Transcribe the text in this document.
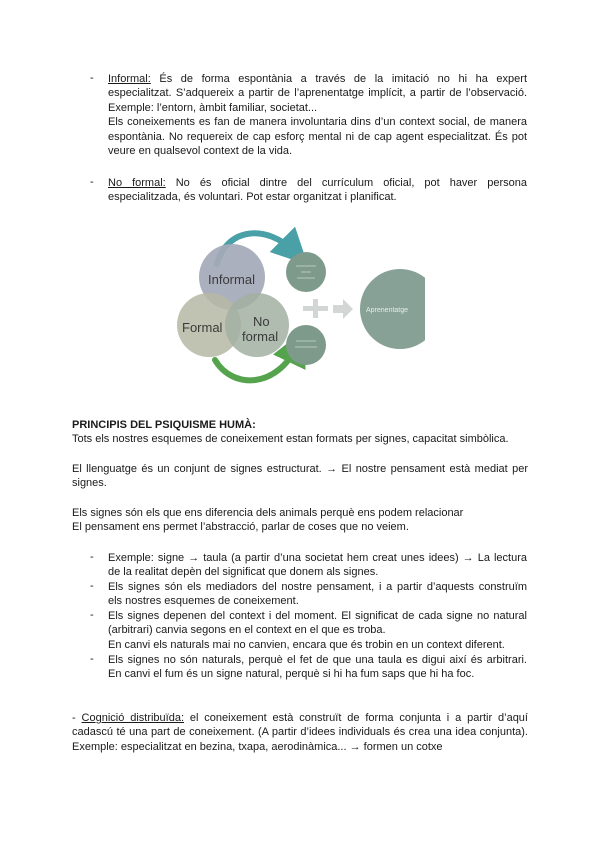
-	Informal: És de forma espontània a través de la imitació no hi ha expert
especialitzat. S’adquereix a partir de l’aprenentatge implícit, a partir de l’observació.
Exemple: l’entorn, àmbit familiar, societat...
Els coneixements es fan de manera involuntaria dins d’un context social, de manera
espontània. No requereix de cap esforç mental ni de cap agent especialitzat. És pot
veure en qualsevol context de la vida.
-	No formal: No és oficial dintre del currículum oficial, pot haver persona
especialitzada, és voluntari. Pot estar organitzat i planificat.
Informal
Formal No
formal
Aprenentatge
PRINCIPIS DEL PSIQUISME HUMÀ:
Tots els nostres esquemes de coneixement estan formats per signes, capacitat simbòlica.
El llenguatge és un conjunt de signes estructurat. → El nostre pensament està mediat per
signes.
Els signes són els que ens diferencia dels animals perquè ens podem relacionar
El pensament ens permet l’abstracció, parlar de coses que no veiem.
-	Exemple: signe → taula (a partir d’una societat hem creat unes idees) → La lectura
de la realitat depèn del significat que donem als signes.
-	Els signes són els mediadors del nostre pensament, i a partir d’aquests construïm
els nostres esquemes de coneixement.
-	Els signes depenen del context i del moment. El significat de cada signe no natural
(arbitrari) canvia segons en el context en el que es troba.
En canvi els naturals mai no canvien, encara que és trobin en un context diferent.
-	Els signes no són naturals, perquè el fet de que una taula es digui així és arbitrari.
En canvi el fum és un signe natural, perquè si hi ha fum saps que hi ha foc.
- Cognició distribuïda: el coneixement està construït de forma conjunta i a partir d’aquí
cadascú té una part de coneixement. (A partir d’idees individuals és crea una idea conjunta).
Exemple: especialitzat en bezina, txapa, aerodinàmica... → formen un cotxe
